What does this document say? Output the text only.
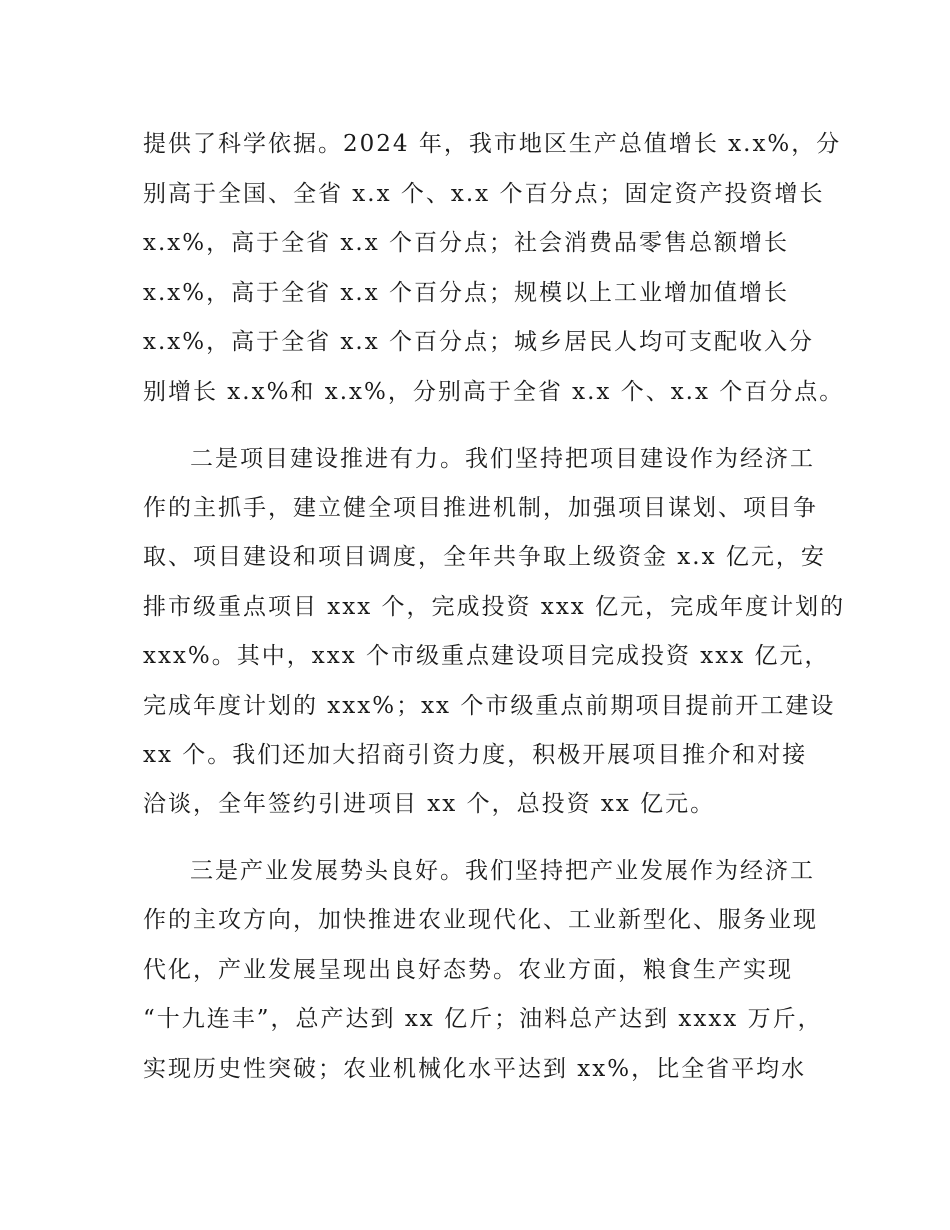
提供了科学依据。2024 年，我市地区生产总值增长 x.x%，分
别高于全国、全省 x.x 个、x.x 个百分点；固定资产投资增长
x.x%，高于全省 x.x 个百分点；社会消费品零售总额增长
x.x%，高于全省 x.x 个百分点；规模以上工业增加值增长
x.x%，高于全省 x.x 个百分点；城乡居民人均可支配收入分
别增长 x.x%和 x.x%，分别高于全省 x.x 个、x.x 个百分点。
二是项目建设推进有力。我们坚持把项目建设作为经济工
作的主抓手，建立健全项目推进机制，加强项目谋划、项目争
取、项目建设和项目调度，全年共争取上级资金 x.x 亿元，安
排市级重点项目 xxx 个，完成投资 xxx 亿元，完成年度计划的
xxx%。其中，xxx 个市级重点建设项目完成投资 xxx 亿元，
完成年度计划的 xxx%；xx 个市级重点前期项目提前开工建设
xx 个。我们还加大招商引资力度，积极开展项目推介和对接
洽谈，全年签约引进项目 xx 个，总投资 xx 亿元。
三是产业发展势头良好。我们坚持把产业发展作为经济工
作的主攻方向，加快推进农业现代化、工业新型化、服务业现
代化，产业发展呈现出良好态势。农业方面，粮食生产实现
“十九连丰”，总产达到 xx 亿斤；油料总产达到 xxxx 万斤，
实现历史性突破；农业机械化水平达到 xx%，比全省平均水
